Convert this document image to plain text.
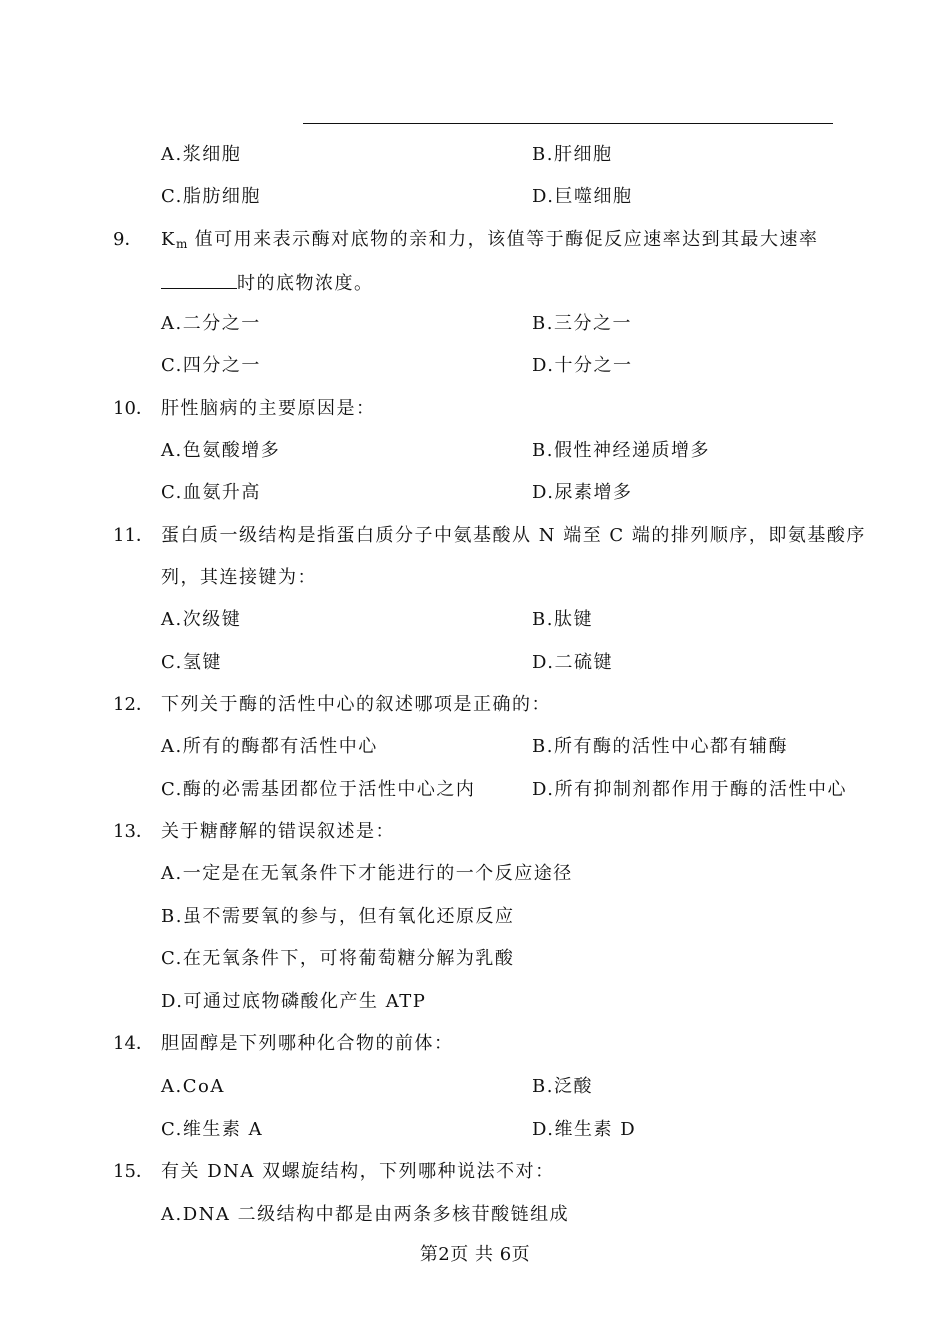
A.浆细胞	B.肝细胞
C.脂肪细胞	D.巨噬细胞
9． $K_m$ 值可用来表示酶对底物的亲和力，该值等于酶促反应速率达到其最大速率
时的底物浓度。
A.二分之一	B.三分之一
C.四分之一	D.十分之一
10． 肝性脑病的主要原因是：
A.色氨酸增多	B.假性神经递质增多
C.血氨升高	D.尿素增多
11． 蛋白质一级结构是指蛋白质分子中氨基酸从 N 端至 C 端的排列顺序，即氨基酸序
列，其连接键为：
A.次级键	B.肽键
C.氢键	D.二硫键
12． 下列关于酶的活性中心的叙述哪项是正确的：
A.所有的酶都有活性中心	B.所有酶的活性中心都有辅酶
C.酶的必需基团都位于活性中心之内	D.所有抑制剂都作用于酶的活性中心
13． 关于糖酵解的错误叙述是：
A.一定是在无氧条件下才能进行的一个反应途径
B.虽不需要氧的参与，但有氧化还原反应
C.在无氧条件下，可将葡萄糖分解为乳酸
D.可通过底物磷酸化产生 ATP
14． 胆固醇是下列哪种化合物的前体：
A.CoA	B.泛酸
C.维生素 A	D.维生素 D
15． 有关 DNA 双螺旋结构，下列哪种说法不对：
A.DNA 二级结构中都是由两条多核苷酸链组成
第2页 共 6页
